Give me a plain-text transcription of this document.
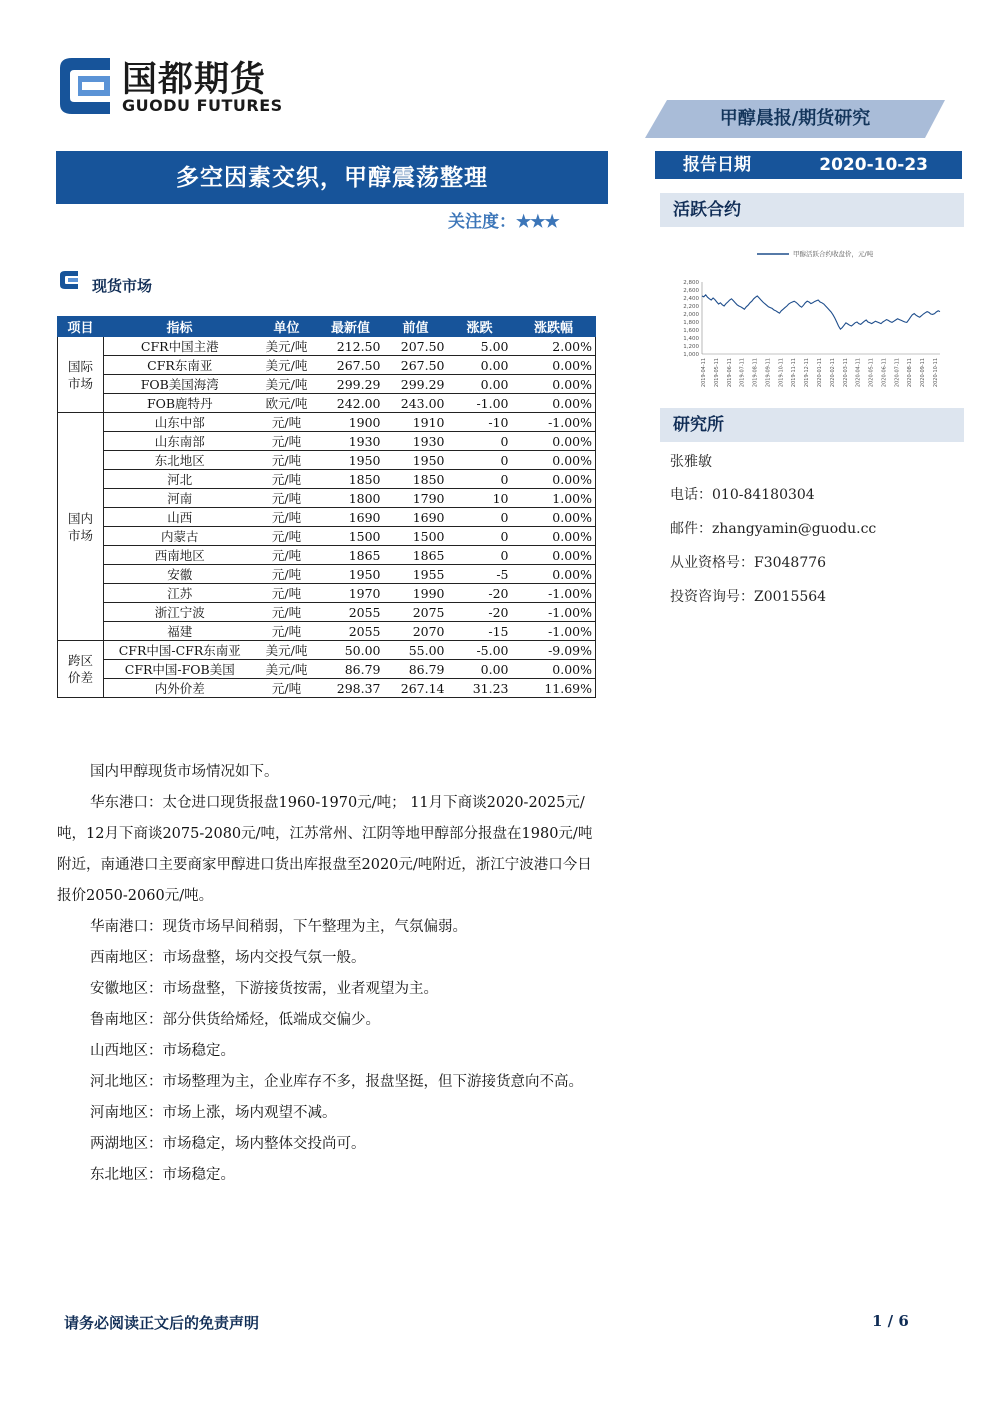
国都期货
GUODU FUTURES
甲醇晨报/期货研究
报告日期	2020-10-23
多空因素交织，甲醇震荡整理
关注度：★★★
现货市场
项目	指标	单位	最新值	前值	涨跌	涨跌幅
国际市场	CFR中国主港	美元/吨	212.50	207.50	5.00	2.00%
	CFR东南亚	美元/吨	267.50	267.50	0.00	0.00%
	FOB美国海湾	美元/吨	299.29	299.29	0.00	0.00%
	FOB鹿特丹	欧元/吨	242.00	243.00	-1.00	0.00%
国内市场	山东中部	元/吨	1900	1910	-10	-1.00%
	山东南部	元/吨	1930	1930	0	0.00%
	东北地区	元/吨	1950	1950	0	0.00%
	河北	元/吨	1850	1850	0	0.00%
	河南	元/吨	1800	1790	10	1.00%
	山西	元/吨	1690	1690	0	0.00%
	内蒙古	元/吨	1500	1500	0	0.00%
	西南地区	元/吨	1865	1865	0	0.00%
	安徽	元/吨	1950	1955	-5	0.00%
	江苏	元/吨	1970	1990	-20	-1.00%
	浙江宁波	元/吨	2055	2075	-20	-1.00%
	福建	元/吨	2055	2070	-15	-1.00%
跨区价差	CFR中国-CFR东南亚	美元/吨	50.00	55.00	-5.00	-9.09%
	CFR中国-FOB美国	美元/吨	86.79	86.79	0.00	0.00%
	内外价差	元/吨	298.37	267.14	31.23	11.69%

国内甲醇现货市场情况如下。

华东港口：太仓进口现货报盘1960-1970元/吨； 11月下商谈2020-2025元/吨，12月下商谈2075-2080元/吨，江苏常州、江阴等地甲醇部分报盘在1980元/吨附近，南通港口主要商家甲醇进口货出库报盘至2020元/吨附近，浙江宁波港口今日报价2050-2060元/吨。

华南港口：现货市场早间稍弱，下午整理为主，气氛偏弱。

西南地区：市场盘整，场内交投气氛一般。

安徽地区：市场盘整，下游接货按需，业者观望为主。

鲁南地区：部分供货给烯烃，低端成交偏少。

山西地区：市场稳定。

河北地区：市场整理为主，企业库存不多，报盘坚挺，但下游接货意向不高。

河南地区：市场上涨，场内观望不减。

两湖地区：市场稳定，场内整体交投尚可。

东北地区：市场稳定。

活跃合约
甲醇活跃合约收盘价，元/吨
2,800
2,600
2,400
2,200
2,000
1,800
1,600
1,400
1,200
1,000
2019-04-11 2019-05-11 2019-06-11 2019-07-11 2019-08-11 2019-09-11 2019-10-11 2019-11-11 2019-12-11 2020-01-11 2020-02-11 2020-03-11 2020-04-11 2020-05-11 2020-06-11 2020-07-11 2020-08-11 2020-09-11 2020-10-11
研究所
张雅敏
电话：010-84180304
邮件：zhangyamin@guodu.cc
从业资格号：F3048776
投资咨询号：Z0015564
请务必阅读正文后的免责声明	1 / 6
